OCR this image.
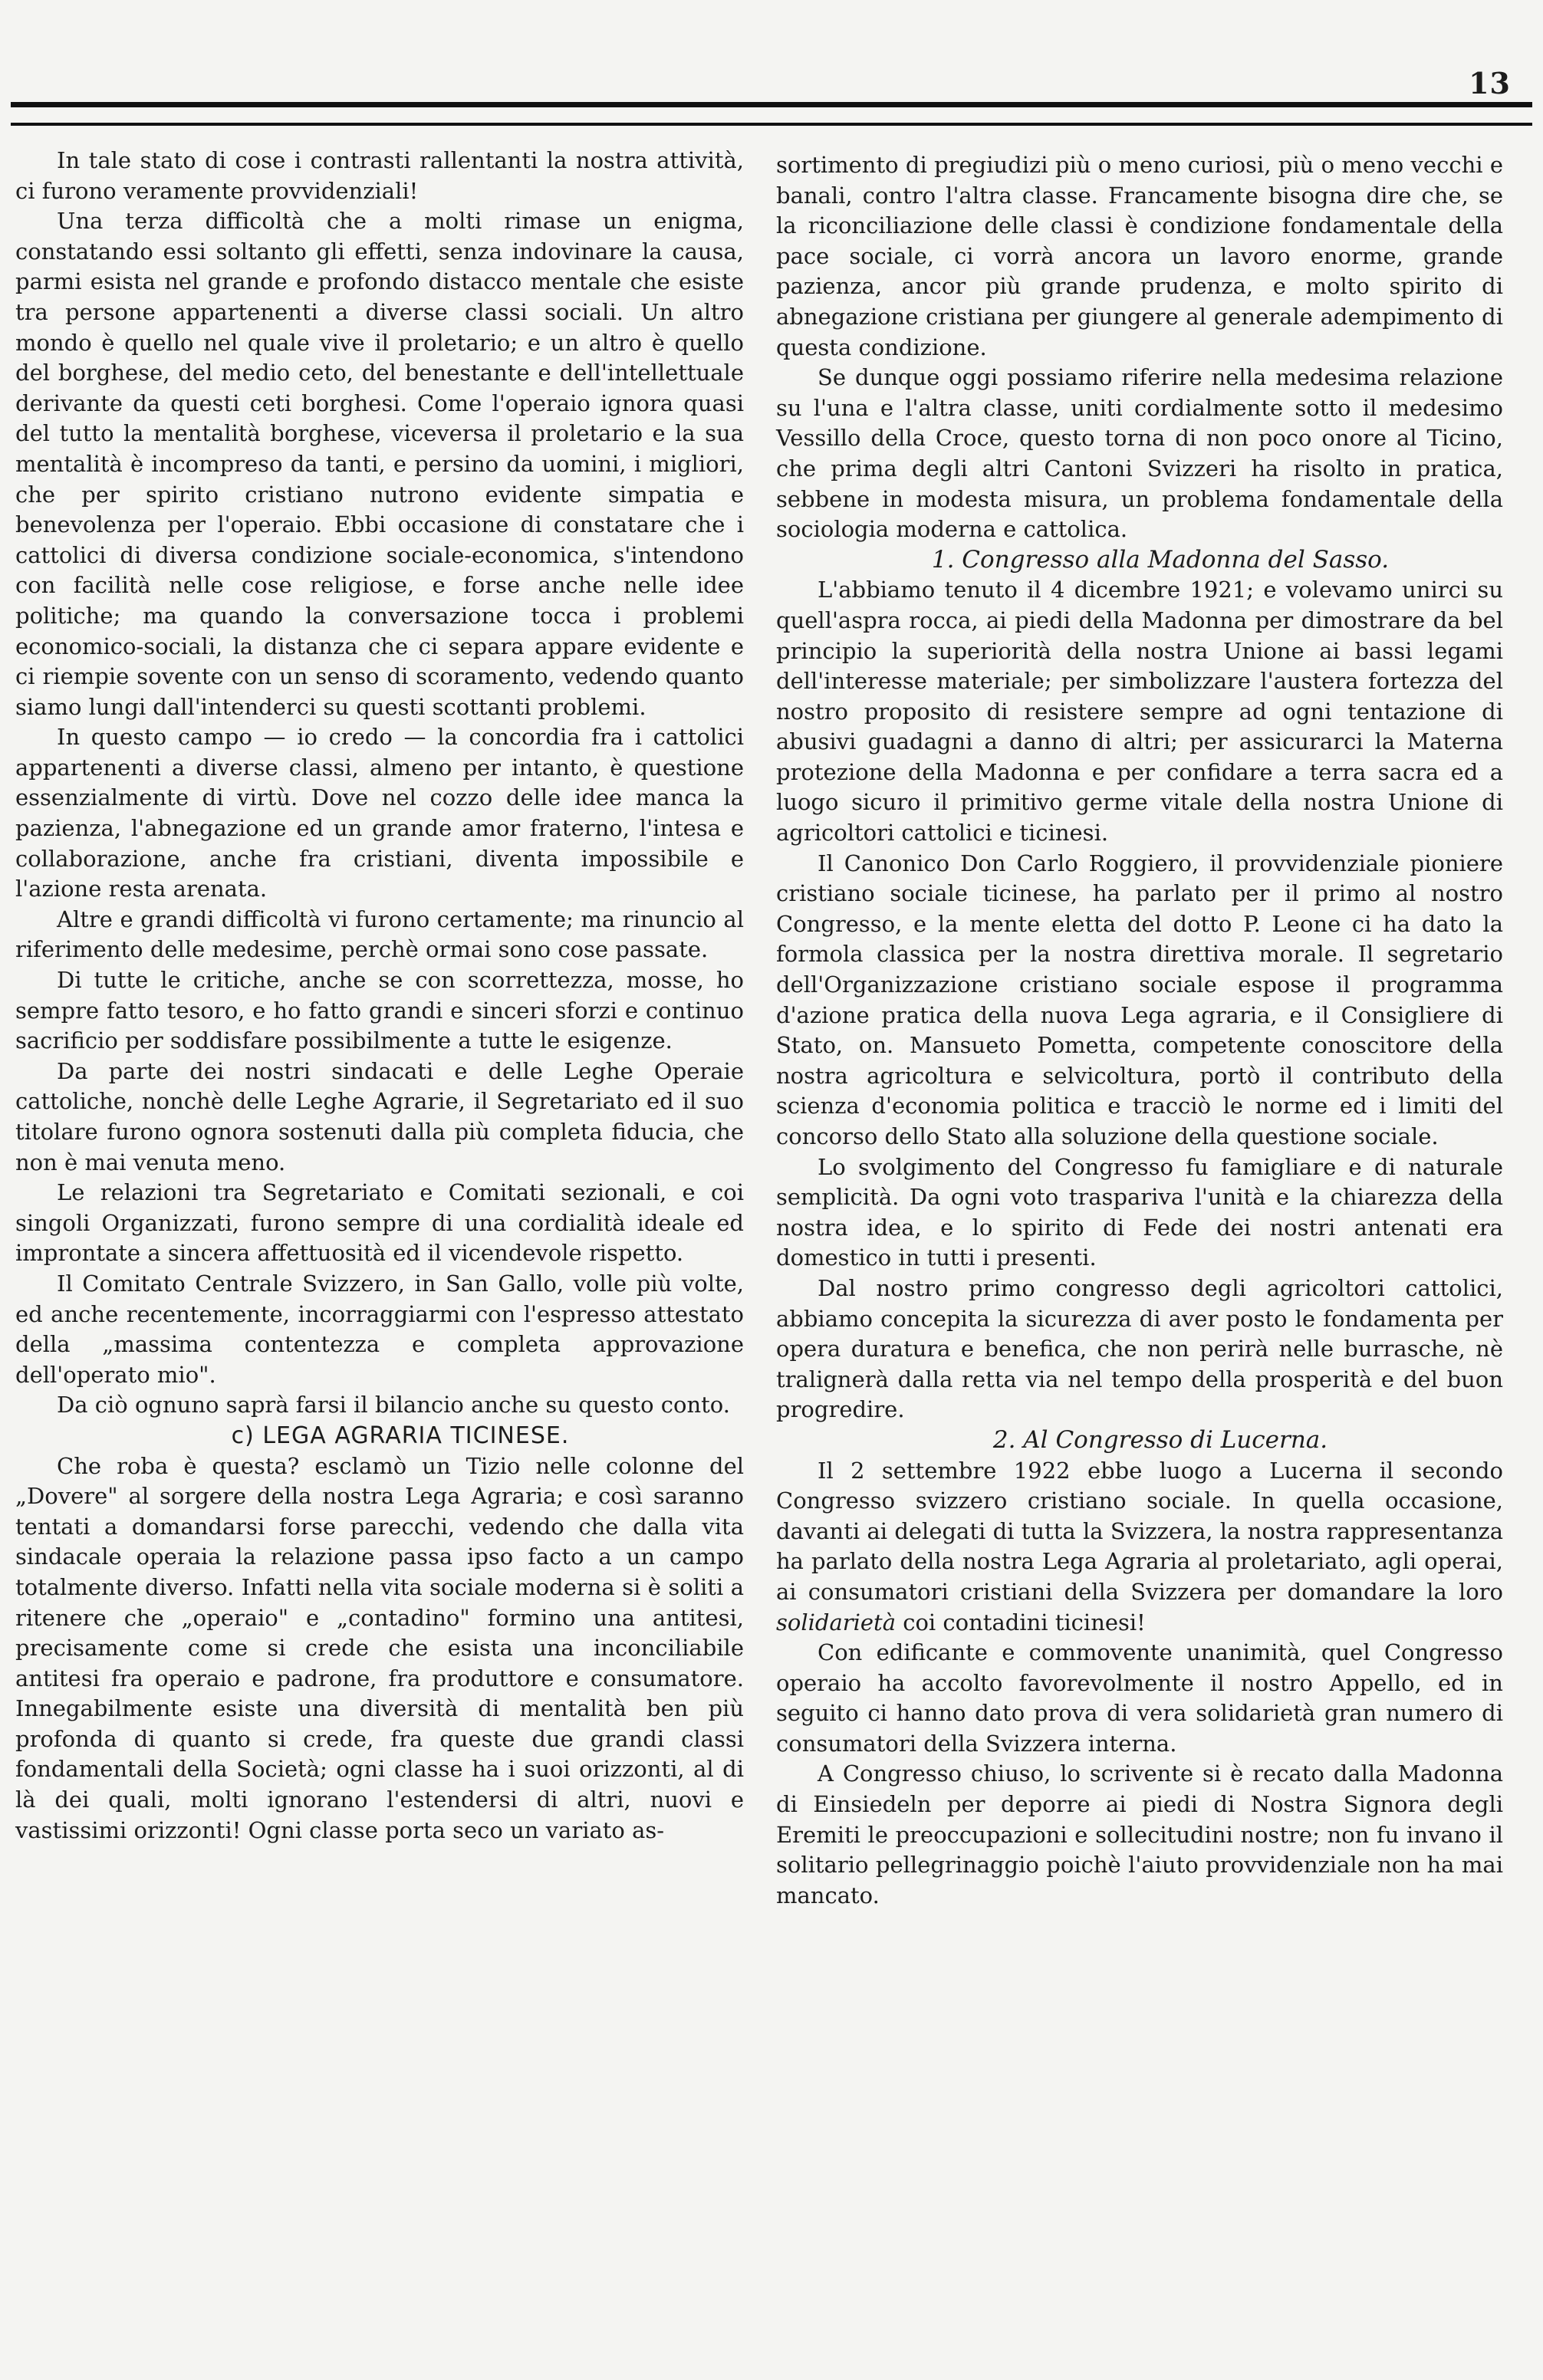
13

In tale stato di cose i contrasti rallentanti la nostra attività, ci furono veramente provvidenziali!

Una terza difficoltà che a molti rimase un enigma, constatando essi soltanto gli effetti, senza indovinare la causa, parmi esista nel grande e profondo distacco mentale che esiste tra persone appartenenti a diverse classi sociali. Un altro mondo è quello nel quale vive il proletario; e un altro è quello del borghese, del medio ceto, del benestante e dell'intellettuale derivante da questi ceti borghesi. Come l'operaio ignora quasi del tutto la mentalità borghese, viceversa il proletario e la sua mentalità è incompreso da tanti, e persino da uomini, i migliori, che per spirito cristiano nutrono evidente simpatia e benevolenza per l'operaio. Ebbi occasione di constatare che i cattolici di diversa condizione sociale-economica, s'intendono con facilità nelle cose religiose, e forse anche nelle idee politiche; ma quando la conversazione tocca i problemi economico-sociali, la distanza che ci separa appare evidente e ci riempie sovente con un senso di scoramento, vedendo quanto siamo lungi dall'intenderci su questi scottanti problemi.

In questo campo — io credo — la concordia fra i cattolici appartenenti a diverse classi, almeno per intanto, è questione essenzialmente di virtù. Dove nel cozzo delle idee manca la pazienza, l'abnegazione ed un grande amor fraterno, l'intesa e collaborazione, anche fra cristiani, diventa impossibile e l'azione resta arenata.

Altre e grandi difficoltà vi furono certamente; ma rinuncio al riferimento delle medesime, perchè ormai sono cose passate.

Di tutte le critiche, anche se con scorrettezza, mosse, ho sempre fatto tesoro, e ho fatto grandi e sinceri sforzi e continuo sacrificio per soddisfare possibilmente a tutte le esigenze.

Da parte dei nostri sindacati e delle Leghe Operaie cattoliche, nonchè delle Leghe Agrarie, il Segretariato ed il suo titolare furono ognora sostenuti dalla più completa fiducia, che non è mai venuta meno.

Le relazioni tra Segretariato e Comitati sezionali, e coi singoli Organizzati, furono sempre di una cordialità ideale ed improntate a sincera affettuosità ed il vicendevole rispetto.

Il Comitato Centrale Svizzero, in San Gallo, volle più volte, ed anche recentemente, incorraggiarmi con l'espresso attestato della „massima contentezza e completa approvazione dell'operato mio".

Da ciò ognuno saprà farsi il bilancio anche su questo conto.

c) LEGA AGRARIA TICINESE.

Che roba è questa? esclamò un Tizio nelle colonne del „Dovere" al sorgere della nostra Lega Agraria; e così saranno tentati a domandarsi forse parecchi, vedendo che dalla vita sindacale operaia la relazione passa ipso facto a un campo totalmente diverso. Infatti nella vita sociale moderna si è soliti a ritenere che „operaio" e „contadino" formino una antitesi, precisamente come si crede che esista una inconciliabile antitesi fra operaio e padrone, fra produttore e consumatore. Innegabilmente esiste una diversità di mentalità ben più profonda di quanto si crede, fra queste due grandi classi fondamentali della Società; ogni classe ha i suoi orizzonti, al di là dei quali, molti ignorano l'estendersi di altri, nuovi e vastissimi orizzonti! Ogni classe porta seco un variato as-

sortimento di pregiudizi più o meno curiosi, più o meno vecchi e banali, contro l'altra classe. Francamente bisogna dire che, se la riconciliazione delle classi è condizione fondamentale della pace sociale, ci vorrà ancora un lavoro enorme, grande pazienza, ancor più grande prudenza, e molto spirito di abnegazione cristiana per giungere al generale adempimento di questa condizione.

Se dunque oggi possiamo riferire nella medesima relazione su l'una e l'altra classe, uniti cordialmente sotto il medesimo Vessillo della Croce, questo torna di non poco onore al Ticino, che prima degli altri Cantoni Svizzeri ha risolto in pratica, sebbene in modesta misura, un problema fondamentale della sociologia moderna e cattolica.

1. Congresso alla Madonna del Sasso.

L'abbiamo tenuto il 4 dicembre 1921; e volevamo unirci su quell'aspra rocca, ai piedi della Madonna per dimostrare da bel principio la superiorità della nostra Unione ai bassi legami dell'interesse materiale; per simbolizzare l'austera fortezza del nostro proposito di resistere sempre ad ogni tentazione di abusivi guadagni a danno di altri; per assicurarci la Materna protezione della Madonna e per confidare a terra sacra ed a luogo sicuro il primitivo germe vitale della nostra Unione di agricoltori cattolici e ticinesi.

Il Canonico Don Carlo Roggiero, il provvidenziale pioniere cristiano sociale ticinese, ha parlato per il primo al nostro Congresso, e la mente eletta del dotto P. Leone ci ha dato la formola classica per la nostra direttiva morale. Il segretario dell'Organizzazione cristiano sociale espose il programma d'azione pratica della nuova Lega agraria, e il Consigliere di Stato, on. Mansueto Pometta, competente conoscitore della nostra agricoltura e selvicoltura, portò il contributo della scienza d'economia politica e tracciò le norme ed i limiti del concorso dello Stato alla soluzione della questione sociale.

Lo svolgimento del Congresso fu famigliare e di naturale semplicità. Da ogni voto traspariva l'unità e la chiarezza della nostra idea, e lo spirito di Fede dei nostri antenati era domestico in tutti i presenti.

Dal nostro primo congresso degli agricoltori cattolici, abbiamo concepita la sicurezza di aver posto le fondamenta per opera duratura e benefica, che non perirà nelle burrasche, nè tralignerà dalla retta via nel tempo della prosperità e del buon progredire.

2. Al Congresso di Lucerna.

Il 2 settembre 1922 ebbe luogo a Lucerna il secondo Congresso svizzero cristiano sociale. In quella occasione, davanti ai delegati di tutta la Svizzera, la nostra rappresentanza ha parlato della nostra Lega Agraria al proletariato, agli operai, ai consumatori cristiani della Svizzera per domandare la loro solidarietà coi contadini ticinesi!

Con edificante e commovente unanimità, quel Congresso operaio ha accolto favorevolmente il nostro Appello, ed in seguito ci hanno dato prova di vera solidarietà gran numero di consumatori della Svizzera interna.

A Congresso chiuso, lo scrivente si è recato dalla Madonna di Einsiedeln per deporre ai piedi di Nostra Signora degli Eremiti le preoccupazioni e sollecitudini nostre; non fu invano il solitario pellegrinaggio poichè l'aiuto provvidenziale non ha mai mancato.
